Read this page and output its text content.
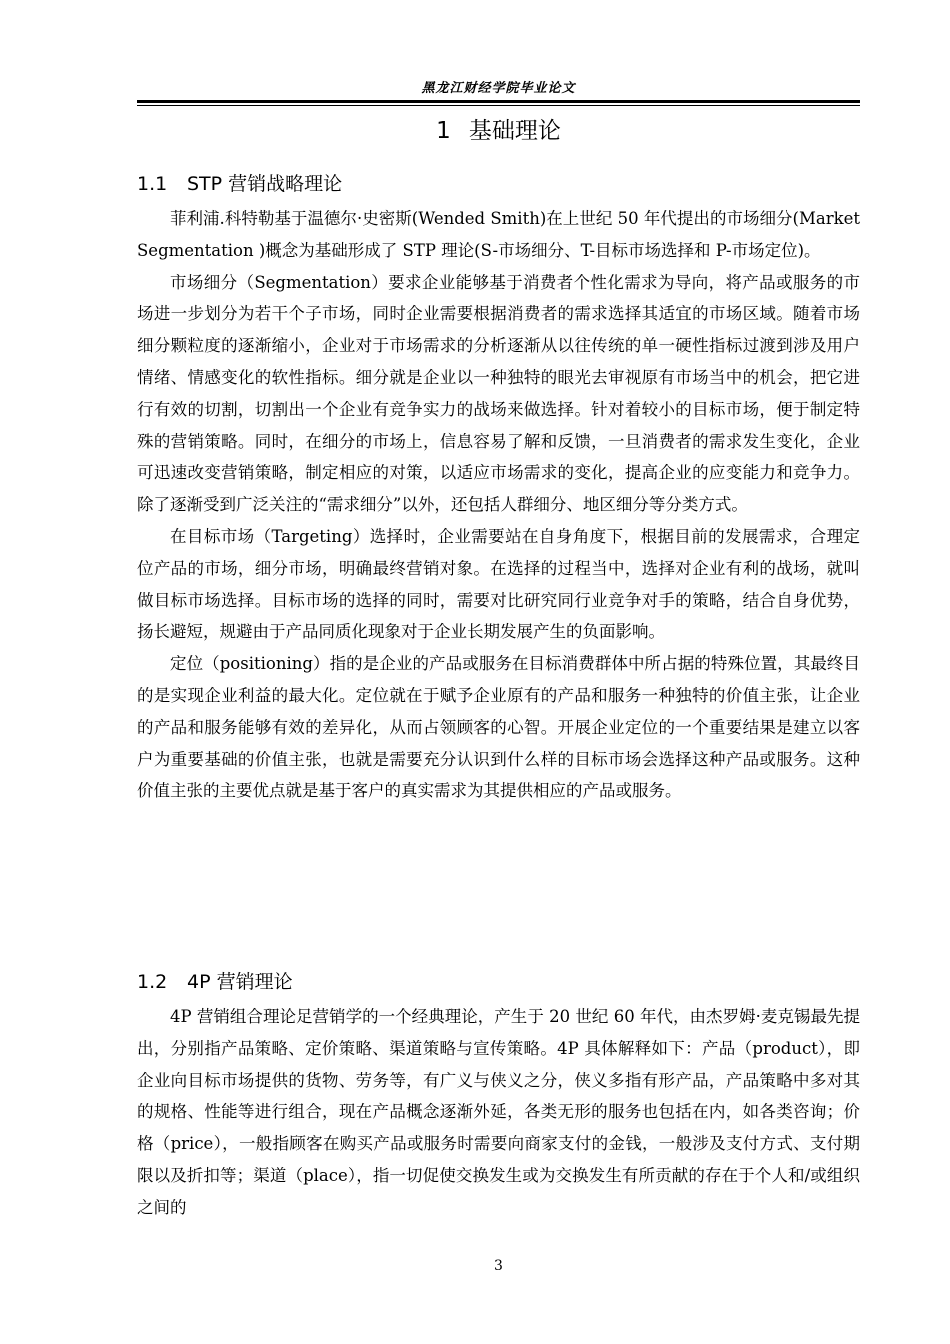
黑龙江财经学院毕业论文
1 基础理论
1.1 STP 营销战略理论

菲利浦.科特勒基于温德尔·史密斯(Wended Smith)在上世纪 50 年代提出的市场细分(Market Segmentation )概念为基础形成了 STP 理论(S-市场细分、T-目标市场选择和 P-市场定位)。

市场细分（Segmentation）要求企业能够基于消费者个性化需求为导向，将产品或服务的市场进一步划分为若干个子市场，同时企业需要根据消费者的需求选择其适宜的市场区域。随着市场细分颗粒度的逐渐缩小，企业对于市场需求的分析逐渐从以往传统的单一硬性指标过渡到涉及用户情绪、情感变化的软性指标。细分就是企业以一种独特的眼光去审视原有市场当中的机会，把它进行有效的切割，切割出一个企业有竞争实力的战场来做选择。针对着较小的目标市场，便于制定特殊的营销策略。同时，在细分的市场上，信息容易了解和反馈，一旦消费者的需求发生变化，企业可迅速改变营销策略，制定相应的对策，以适应市场需求的变化，提高企业的应变能力和竞争力。除了逐渐受到广泛关注的“需求细分”以外，还包括人群细分、地区细分等分类方式。

在目标市场（Targeting）选择时，企业需要站在自身角度下，根据目前的发展需求，合理定位产品的市场，细分市场，明确最终营销对象。在选择的过程当中，选择对企业有利的战场，就叫做目标市场选择。目标市场的选择的同时，需要对比研究同行业竞争对手的策略，结合自身优势，扬长避短，规避由于产品同质化现象对于企业长期发展产生的负面影响。

定位（positioning）指的是企业的产品或服务在目标消费群体中所占据的特殊位置，其最终目的是实现企业利益的最大化。定位就在于赋予企业原有的产品和服务一种独特的价值主张，让企业的产品和服务能够有效的差异化，从而占领顾客的心智。开展企业定位的一个重要结果是建立以客户为重要基础的价值主张，也就是需要充分认识到什么样的目标市场会选择这种产品或服务。这种价值主张的主要优点就是基于客户的真实需求为其提供相应的产品或服务。

1.2 4P 营销理论

4P 营销组合理论足营销学的一个经典理论，产生于 20 世纪 60 年代，由杰罗姆·麦克锡最先提出，分别指产品策略、定价策略、渠道策略与宣传策略。4P 具体解释如下：产品（product），即企业向目标市场提供的货物、劳务等，有广义与侠义之分，侠义多指有形产品，产品策略中多对其的规格、性能等进行组合，现在产品概念逐渐外延，各类无形的服务也包括在内，如各类咨询；价格（price），一般指顾客在购买产品或服务时需要向商家支付的金钱，一般涉及支付方式、支付期限以及折扣等；渠道（place），指一切促使交换发生或为交换发生有所贡献的存在于个人和/或组织之间的

3
